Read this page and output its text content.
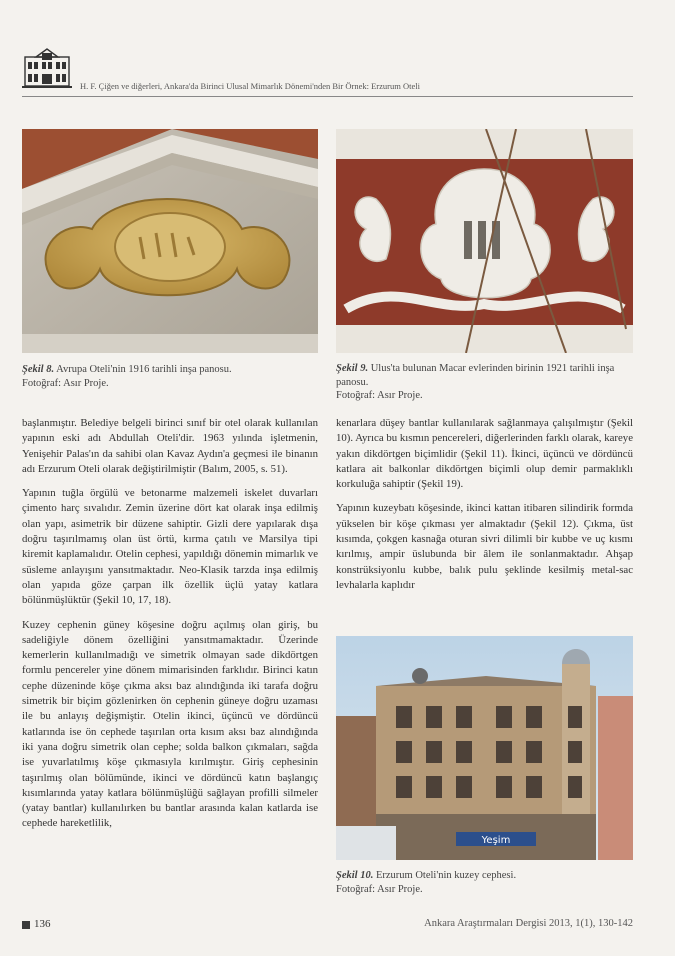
H. F. Çiğen ve diğerleri, Ankara'da Birinci Ulusal Mimarlık Dönemi'nden Bir Örnek: Erzurum Oteli
Şekil 8. Avrupa Oteli'nin 1916 tarihli inşa panosu.
Fotoğraf: Asır Proje.
Şekil 9. Ulus'ta bulunan Macar evlerinden birinin 1921 tarihli inşa panosu.
Fotoğraf: Asır Proje.

başlanmıştır. Belediye belgeli birinci sınıf bir otel olarak kullanılan yapının eski adı Abdullah Oteli'dir. 1963 yılında işletmenin, Yenişehir Palas'ın da sahibi olan Kavaz Aydın'a geçmesi ile binanın adı Erzurum Oteli olarak değiştirilmiştir (Balım, 2005, s. 51).

Yapının tuğla örgülü ve betonarme malzemeli iskelet duvarları çimento harç sıvalıdır. Zemin üzerine dört kat olarak inşa edilmiş olan yapı, asimetrik bir düzene sahiptir. Gizli dere yapılarak dışa doğru taşırılmamış olan üst örtü, kırma çatılı ve Marsilya tipi kiremit kaplamalıdır. Otelin cephesi, yapıldığı dönemin mimarlık ve süsleme anlayışını yansıtmaktadır. Neo-Klasik tarzda inşa edilmiş olan yapıda göze çarpan ilk özellik üçlü yatay katlara bölünmüşlüktür (Şekil 10, 17, 18).

Kuzey cephenin güney köşesine doğru açılmış olan giriş, bu sadeliğiyle dönem özelliğini yansıtmamaktadır. Üzerinde kemerlerin kullanılmadığı ve simetrik olmayan sade dikdörtgen formlu pencereler yine dönem mimarisinden farklıdır. Birinci katın cephe düzeninde köşe çıkma aksı baz alındığında iki tarafa doğru simetrik bir biçim gözlenirken ön cephenin güneye doğru uzaması ile bu anlayış değişmiştir. Otelin ikinci, üçüncü ve dördüncü katlarında ise ön cephede taşırılan orta kısım aksı baz alındığında iki yana doğru simetrik olan cephe; solda balkon çıkmaları, sağda ise yuvarlatılmış köşe çıkmasıyla kırılmıştır. Giriş cephesinin taşırılmış olan bölümünde, ikinci ve dördüncü katın başlangıç kısımlarında yatay katlara bölünmüşlüğü sağlayan profilli silmeler (yatay bantlar) kullanılırken bu bantlar arasında kalan katlarda ise cephede hareketlilik,

kenarlara düşey bantlar kullanılarak sağlanmaya çalışılmıştır (Şekil 10). Ayrıca bu kısmın pencereleri, diğerlerinden farklı olarak, kareye yakın dikdörtgen biçimlidir (Şekil 11). İkinci, üçüncü ve dördüncü katlara ait balkonlar dikdörtgen biçimli olup demir parmaklıklı korkuluğa sahiptir (Şekil 19).

Yapının kuzeybatı köşesinde, ikinci kattan itibaren silindirik formda yükselen bir köşe çıkması yer almaktadır (Şekil 12). Çıkma, üst kısımda, çokgen kasnağa oturan sivri dilimli bir kubbe ve uç kısmı kırılmış, ampir üslubunda bir âlem ile sonlanmaktadır. Ahşap konstrüksiyonlu kubbe, balık pulu şeklinde kesilmiş metal-sac levhalarla kaplıdır

Yeşim
Şekil 10. Erzurum Oteli'nin kuzey cephesi.
Fotoğraf: Asır Proje.
136	Ankara Araştırmaları Dergisi 2013, 1(1), 130-142
